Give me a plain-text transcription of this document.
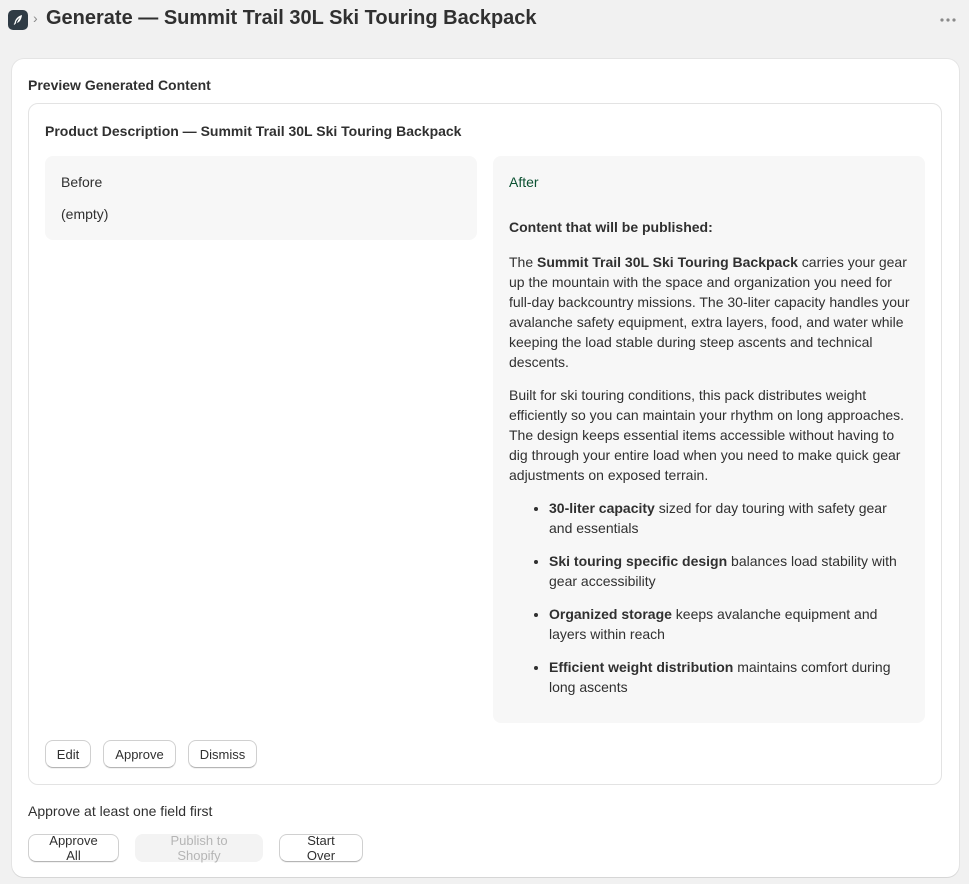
› Generate — Summit Trail 30L Ski Touring Backpack
Preview Generated Content
Product Description — Summit Trail 30L Ski Touring Backpack
Before
(empty)
After
Content that will be published:

The Summit Trail 30L Ski Touring Backpack carries your gear up the mountain with the space and organization you need for full-day backcountry missions. The 30-liter capacity handles your avalanche safety equipment, extra layers, food, and water while keeping the load stable during steep ascents and technical descents.

Built for ski touring conditions, this pack distributes weight efficiently so you can maintain your rhythm on long approaches. The design keeps essential items accessible without having to dig through your entire load when you need to make quick gear adjustments on exposed terrain.

• 30-liter capacity sized for day touring with safety gear and essentials
• Ski touring specific design balances load stability with gear accessibility
• Organized storage keeps avalanche equipment and layers within reach
• Efficient weight distribution maintains comfort during long ascents
Edit	Approve	Dismiss
Approve at least one field first
Approve All
Publish to Shopify
Start Over
